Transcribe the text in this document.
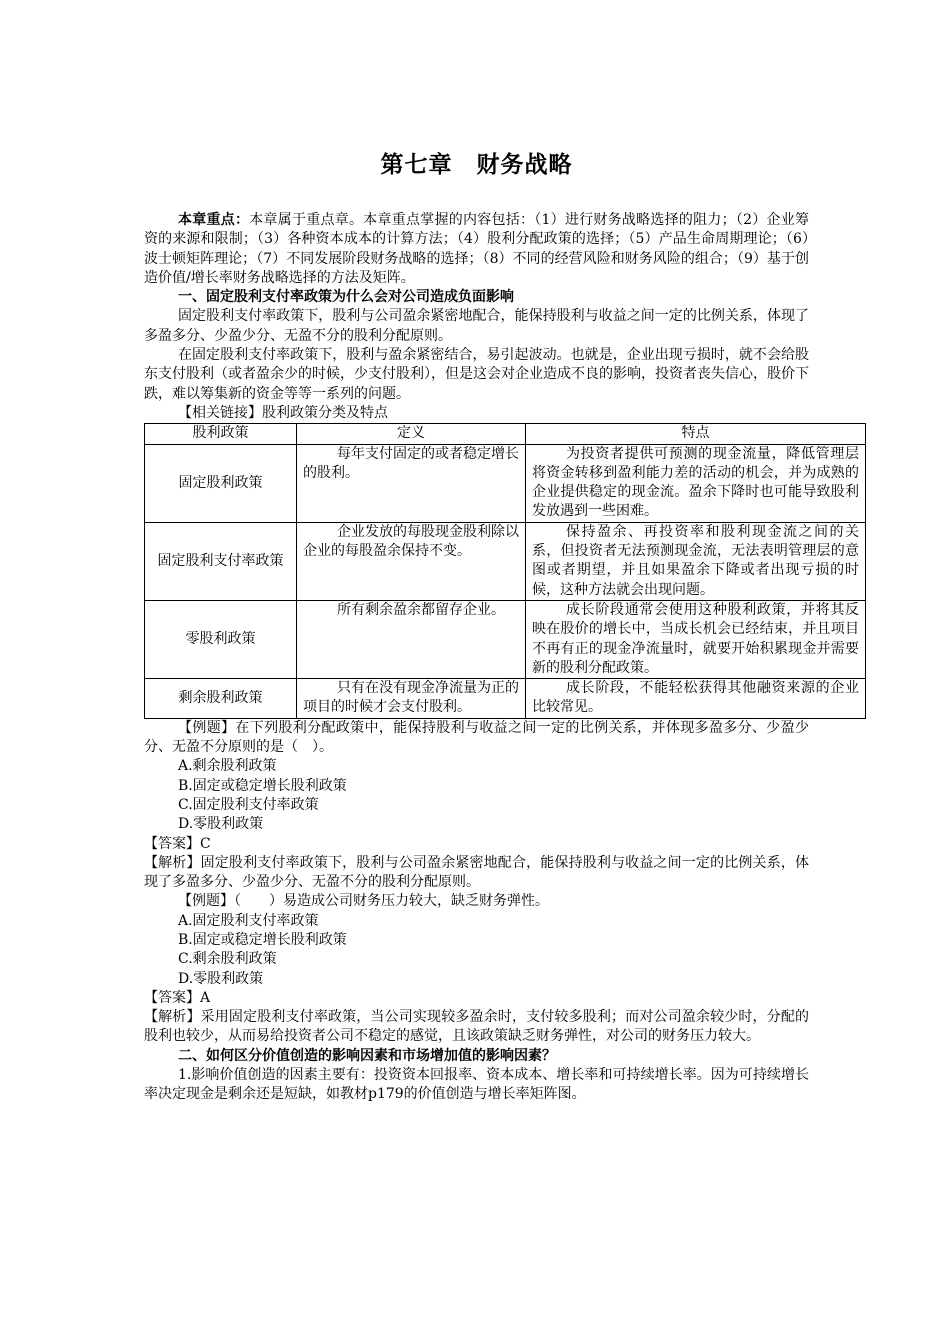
第七章 财务战略

本章重点：本章属于重点章。本章重点掌握的内容包括：（1）进行财务战略选择的阻力；（2）企业筹资的来源和限制；（3）各种资本成本的计算方法；（4）股利分配政策的选择；（5）产品生命周期理论；（6）波士顿矩阵理论；（7）不同发展阶段财务战略的选择；（8）不同的经营风险和财务风险的组合；（9）基于创造价值/增长率财务战略选择的方法及矩阵。

一、固定股利支付率政策为什么会对公司造成负面影响

固定股利支付率政策下，股利与公司盈余紧密地配合，能保持股利与收益之间一定的比例关系，体现了多盈多分、少盈少分、无盈不分的股利分配原则。

在固定股利支付率政策下，股利与盈余紧密结合，易引起波动。也就是，企业出现亏损时，就不会给股东支付股利（或者盈余少的时候，少支付股利），但是这会对企业造成不良的影响，投资者丧失信心，股价下跌，难以筹集新的资金等等一系列的问题。

【相关链接】股利政策分类及特点

股利政策	定义	特点
固定股利政策	每年支付固定的或者稳定增长的股利。	为投资者提供可预测的现金流量，降低管理层将资金转移到盈利能力差的活动的机会，并为成熟的企业提供稳定的现金流。盈余下降时也可能导致股利发放遇到一些困难。

固定股利支付率政策	企业发放的每股现金股利除以企业的每股盈余保持不变。	保持盈余、再投资率和股利现金流之间的关系，但投资者无法预测现金流，无法表明管理层的意图或者期望，并且如果盈余下降或者出现亏损的时候，这种方法就会出现问题。

零股利政策	所有剩余盈余都留存企业。	成长阶段通常会使用这种股利政策，并将其反映在股价的增长中，当成长机会已经结束，并且项目不再有正的现金净流量时，就要开始积累现金并需要新的股利分配政策。

剩余股利政策	只有在没有现金净流量为正的项目的时候才会支付股利。	成长阶段，不能轻松获得其他融资来源的企业比较常见。

【例题】在下列股利分配政策中，能保持股利与收益之间一定的比例关系，并体现多盈多分、少盈少分、无盈不分原则的是（　）。

A.剩余股利政策

B.固定或稳定增长股利政策

C.固定股利支付率政策

D.零股利政策

【答案】C

【解析】固定股利支付率政策下，股利与公司盈余紧密地配合，能保持股利与收益之间一定的比例关系，体现了多盈多分、少盈少分、无盈不分的股利分配原则。

【例题】（　　）易造成公司财务压力较大，缺乏财务弹性。

A.固定股利支付率政策

B.固定或稳定增长股利政策

C.剩余股利政策

D.零股利政策

【答案】A

【解析】采用固定股利支付率政策，当公司实现较多盈余时，支付较多股利；而对公司盈余较少时，分配的股利也较少，从而易给投资者公司不稳定的感觉，且该政策缺乏财务弹性，对公司的财务压力较大。

二、如何区分价值创造的影响因素和市场增加值的影响因素？

1.影响价值创造的因素主要有：投资资本回报率、资本成本、增长率和可持续增长率。因为可持续增长率决定现金是剩余还是短缺，如教材p179的价值创造与增长率矩阵图。
